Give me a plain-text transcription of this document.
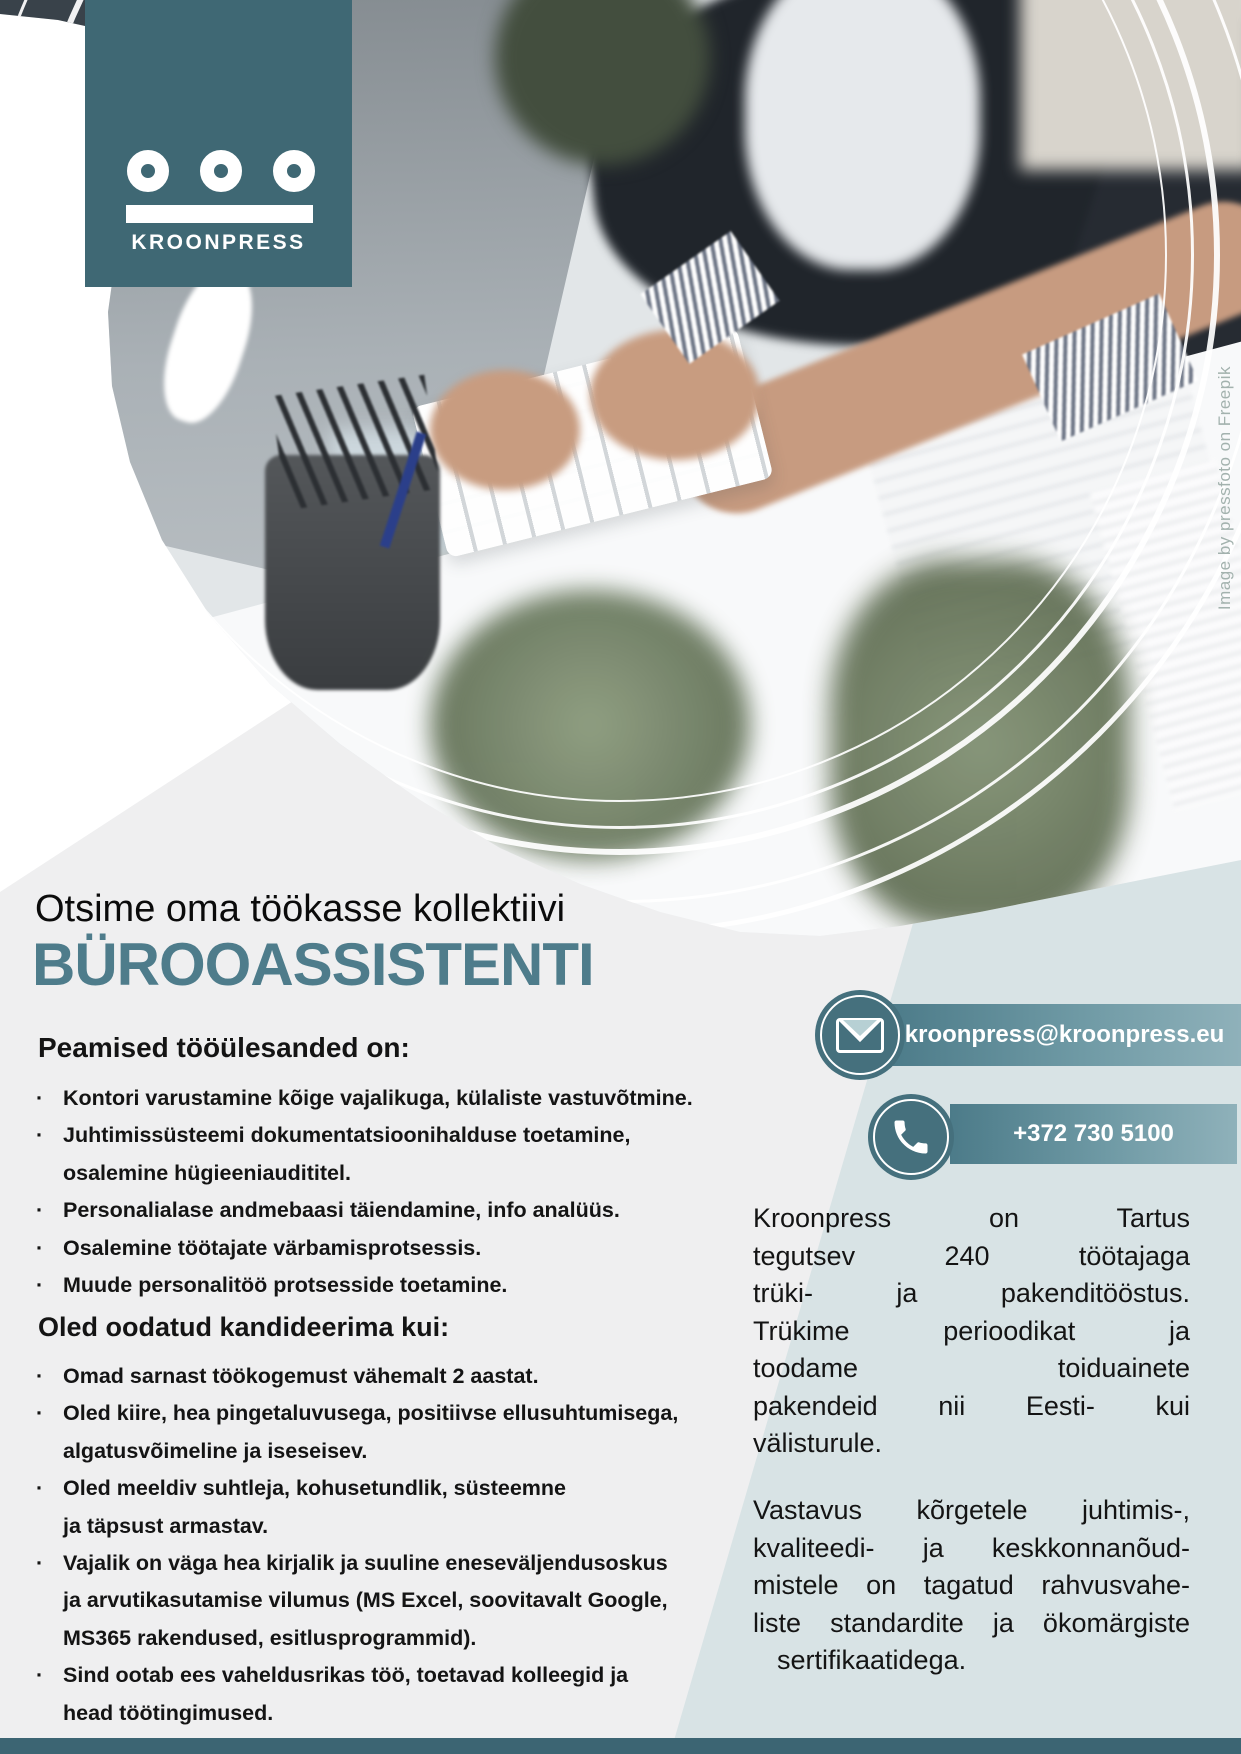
KROONPRESS
Image by pressfoto on Freepik
Otsime oma töökasse kollektiivi
BÜROOASSISTENTI
Peamised tööülesanded on:
· Kontori varustamine kõige vajalikuga, külaliste vastuvõtmine.
· Juhtimissüsteemi dokumentatsioonihalduse toetamine,
osalemine hügieeniaudititel.
· Personalialase andmebaasi täiendamine, info analüüs.
· Osalemine töötajate värbamisprotsessis.
· Muude personalitöö protsesside toetamine.
Oled oodatud kandideerima kui:
· Omad sarnast töökogemust vähemalt 2 aastat.
· Oled kiire, hea pingetaluvusega, positiivse ellusuhtumisega,
algatusvõimeline ja iseseisev.
· Oled meeldiv suhtleja, kohusetundlik, süsteemne
ja täpsust armastav.
· Vajalik on väga hea kirjalik ja suuline eneseväljendusoskus
ja arvutikasutamise vilumus (MS Excel, soovitavalt Google,
MS365 rakendused, esitlusprogrammid).
· Sind ootab ees vaheldusrikas töö, toetavad kolleegid ja
head töötingimused.
kroonpress@kroonpress.eu
+372 730 5100
Kroonpress on Tartus
tegutsev 240 töötajaga
trüki- ja pakenditööstus.
Trükime perioodikat ja
toodame toiduainete
pakendeid nii Eesti- kui
välisturule.
Vastavus kõrgetele juhtimis-,
kvaliteedi- ja keskkonnanõud-
mistele on tagatud rahvusvahe-
liste standardite ja ökomärgiste
sertifikaatidega.
